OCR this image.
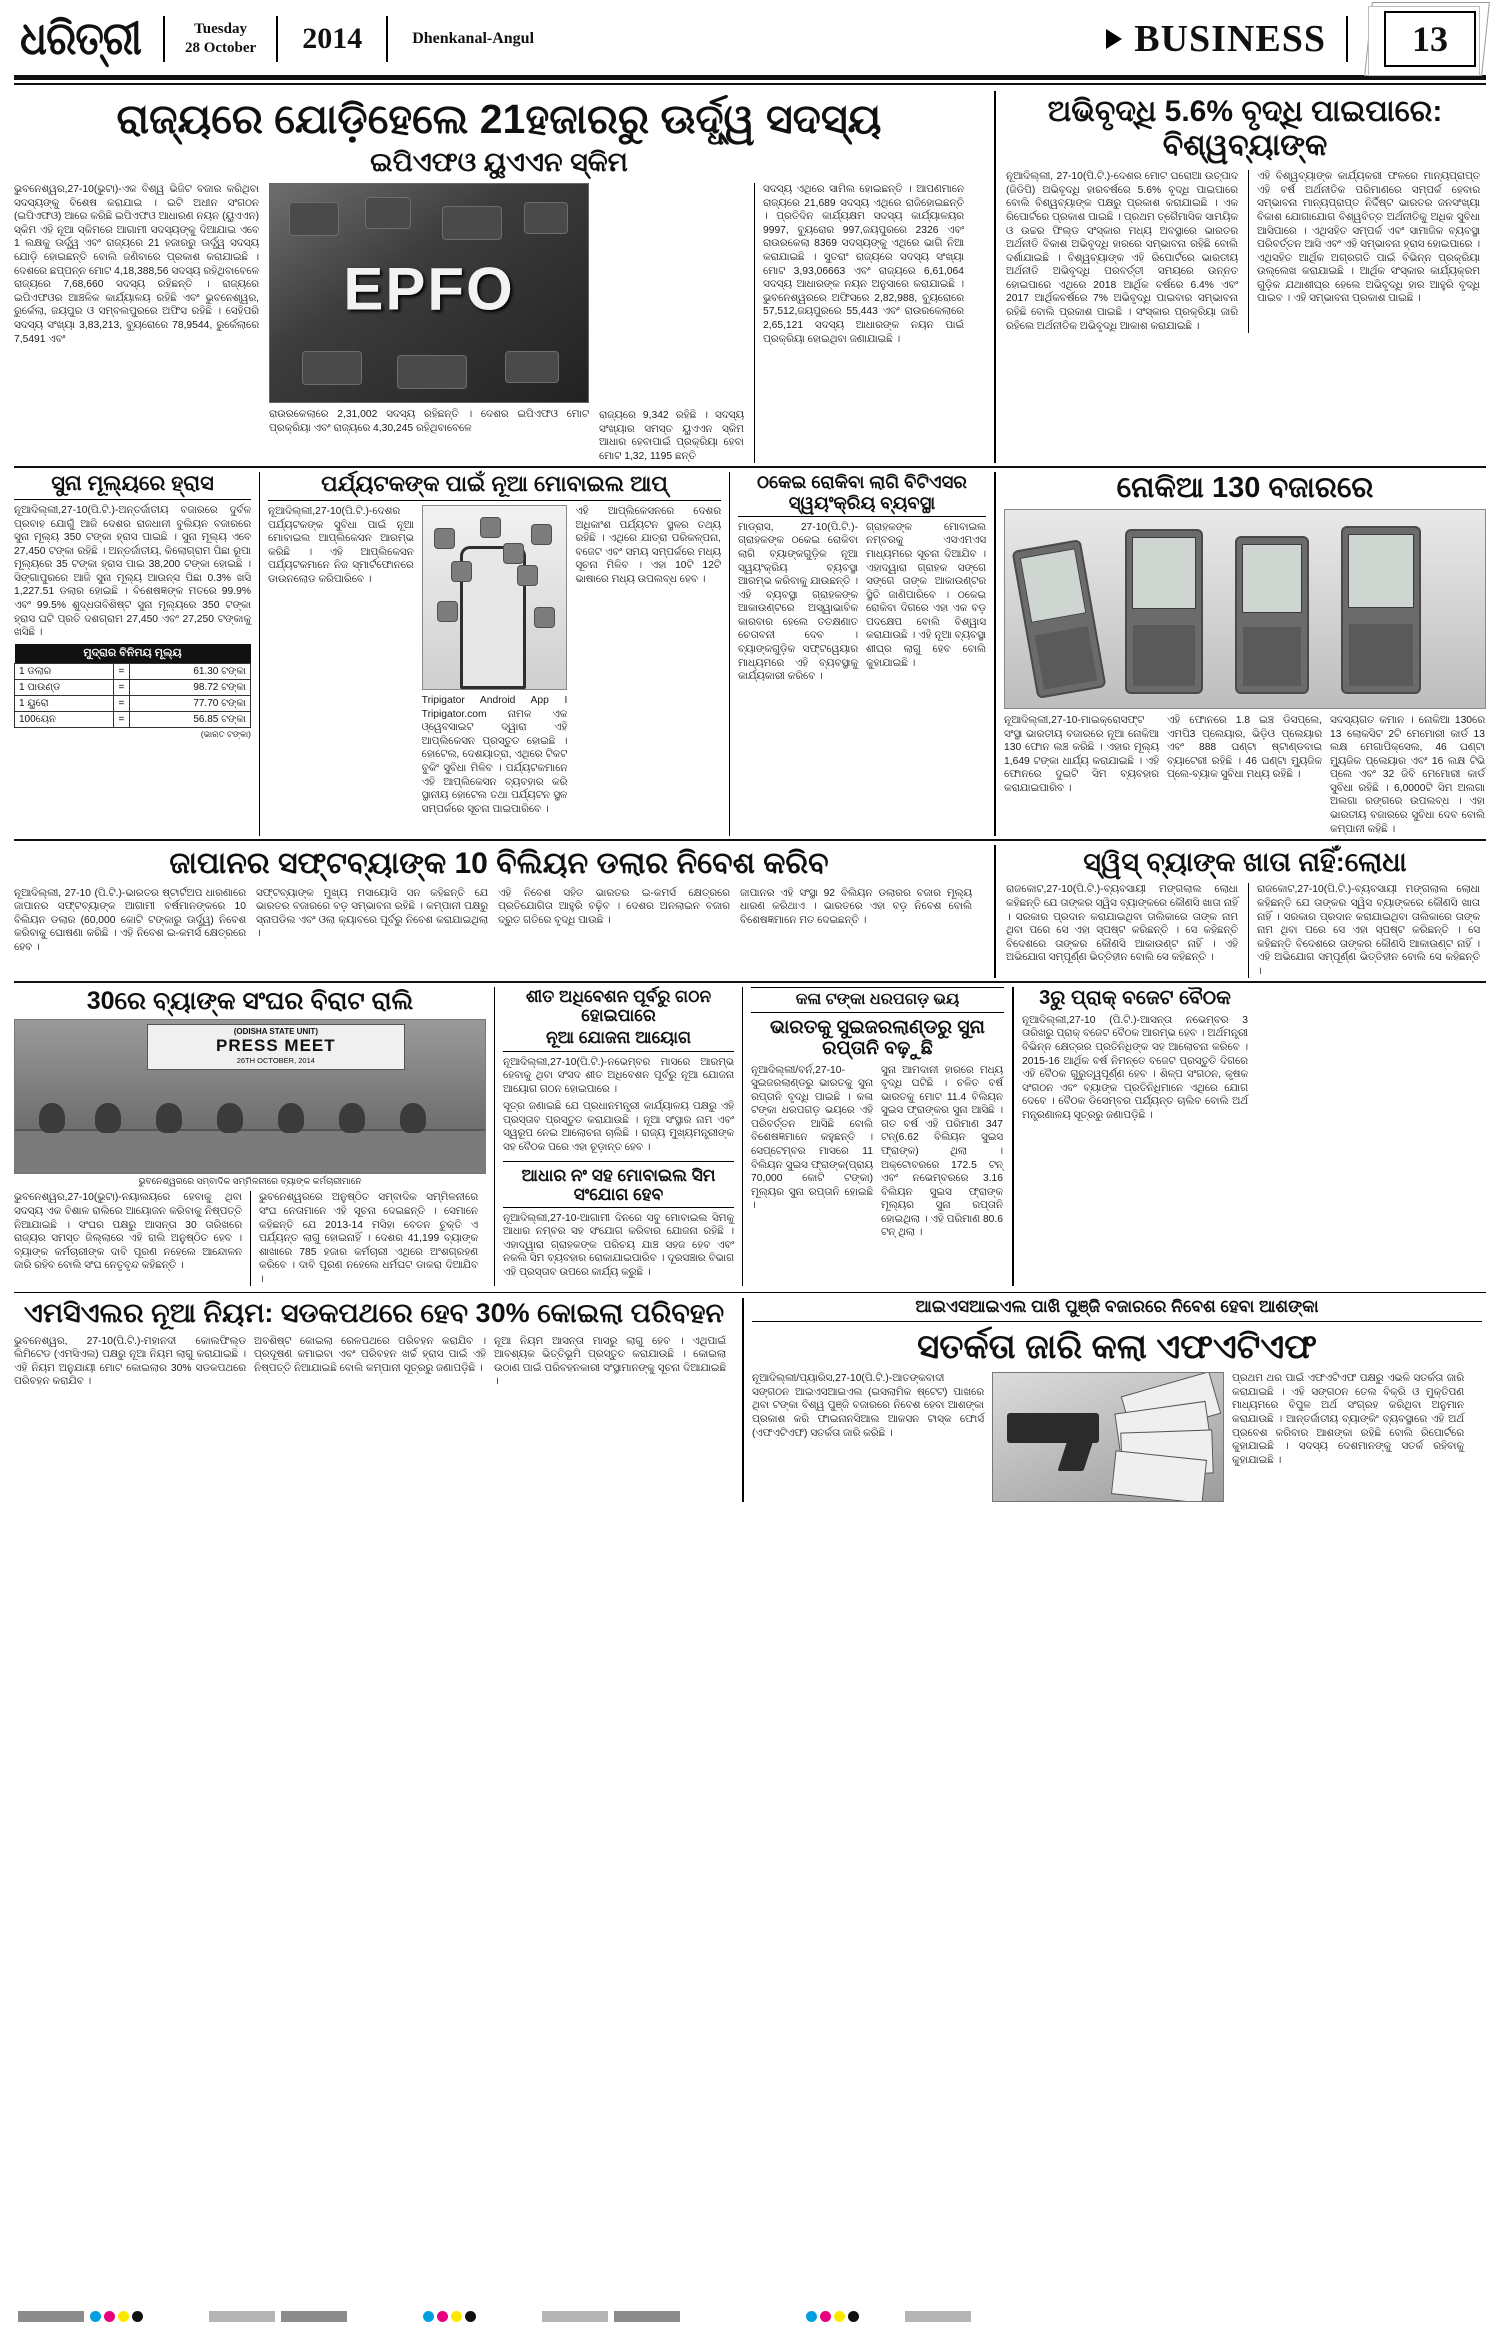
ଧରିତ୍ରୀ	Tuesday
28 October	2014	Dhenkanal-Angul	BUSINESS	13
ରାଜ୍ୟରେ ଯୋଡ଼ିହେଲେ 21ହଜାରରୁ ଊର୍ଦ୍ଧ୍ୱ ସଦସ୍ୟ
ଇପିଏଫଓ ୟୁଏଏନ ସ୍କିମ
ଭୁବନେଶ୍ୱର,27-10(ଭୁଟା)-ଏକ ବିଶ୍ୱ ଭିଜିଟ ବଜାର କରିଥିବା ସଦସ୍ୟଙ୍କୁ ବିଶେଷ କରାଯାଇ । ଇଟି ଅଧୀନ ସଂଗଠନ (ଇପିଏଫଓ) ଆରେ କରିଛି ଇପିଏଫଓ ଆଧାରଣ ନୟନ (ୟୁଏଏନ) ସ୍କିମ ଏହି ନୂଆ ସ୍କିମରେ ଆଗାମୀ ସଦସ୍ୟଙ୍କୁ ଦିଆଯାଇ ଏବେ 1 ଲକ୍ଷକୁ ଊର୍ଦ୍ଧ୍ୱ ଏବଂ ରାଜ୍ୟରେ 21 ହଜାରରୁ ଊର୍ଦ୍ଧ୍ୱ ସଦସ୍ୟ ଯୋଡ଼ି ହୋଇଛନ୍ତି ବୋଲି ଜଣିବାରେ ପ୍ରକାଶ କରାଯାଇଛି । ଦେଶରେ ଛପ୍ପନ୍ନ ମୋଟ 4,18,388,56 ସଦସ୍ୟ ରହିଥିବାବେଳେ ରାଜ୍ୟରେ 7,68,660 ସଦସ୍ୟ ରହିଛନ୍ତି । ରାଜ୍ୟରେ ଇପିଏଫଓର ଆଞ୍ଚଳିକ କାର୍ଯ୍ୟାଳୟ ରହିଛି ଏବଂ ଭୁବନେଶ୍ୱର, ରୁର୍କେଲା, ଜୟପୁର ଓ ସମ୍ବଲପୁରରେ ଅଫିସ ରହିଛି । ସେହିପରି ସଦସ୍ୟ ସଂଖ୍ୟା 3,83,213, ବ୍ୟୁରୋରେ 78,9544, ରୁର୍କେଲାରେ 7,5491 ଏବଂ
EPFO
ରାଉରକେଲାରେ 2,31,002 ସଦସ୍ୟ ରହିଛନ୍ତି । ଦେଶର ଇପିଏଫଓ ମୋଟ ପ୍ରକ୍ରିୟା ଏବଂ ରାଜ୍ୟରେ 4,30,245 ରହିଥିବାବେଳେ
ରାଜ୍ୟରେ 9,342 ରହିଛି । ସଦସ୍ୟ ସଂଖ୍ୟାର ସମସ୍ତ ୟୁଏଏନ ସ୍କିମ ଆଧାର ହେବାପାଇଁ ପ୍ରକ୍ରିୟା ହେବା ମୋଟ 1,32, 1195 ଛନ୍ତି
ସଦସ୍ୟ ଏଥିରେ ସାମିଲ ହୋଇଛନ୍ତି । ଆପଣମାନେ ରାଜ୍ୟରେ 21,689 ସଦସ୍ୟ ଏଥିରେ ରାଜିହୋଇଛନ୍ତି । ପ୍ରତିଦିନ କାର୍ଯ୍ୟକ୍ଷମ ସଦସ୍ୟ କାର୍ଯ୍ୟାଳୟର 9997, ବ୍ୟୁରୋର 997,ଜୟପୁରରେ 2326 ଏବଂ ରାଉରକେଲା 8369 ସଦସ୍ୟଙ୍କୁ ଏଥିରେ ଭାଗି ନିଆ କରାଯାଇଛି । ସୁତରାଂ ରାଜ୍ୟରେ ସଦସ୍ୟ ସଂଖ୍ୟା ମୋଟ 3,93,06663 ଏବଂ ରାଜ୍ୟରେ 6,61,064 ସଦସ୍ୟ ଆଧାରଙ୍କ ନୟନ ଅନୁସାରେ କରାଯାଇଛି । ଭୁବନେଶ୍ୱରରେ ଅଫିସରେ 2,82,988, ବ୍ୟୁରୋରେ 57,512,ଜୟପୁରରେ 55,443 ଏବଂ ରାଉରକେଲାରେ 2,65,121 ସଦସ୍ୟ ଆଧାରଙ୍କ ନୟନ ପାଇଁ ପ୍ରକ୍ରିୟା ହୋଇଥିବା ଜଣାଯାଇଛି ।
ଅଭିବୃଦ୍ଧି 5.6% ବୃଦ୍ଧି ପାଇପାରେ: ବିଶ୍ୱବ୍ୟାଙ୍କ
ନୂଆଦିଲ୍ଲୀ, 27-10(ପି.ଟି.)-ଦେଶର ମୋଟ ଘରୋଆ ଉତ୍ପାଦ (ଜିଡିପି) ଅଭିବୃଦ୍ଧି ହାରବର୍ଷରେ 5.6% ବୃଦ୍ଧି ପାଇପାରେ ବୋଲି ବିଶ୍ୱବ୍ୟାଙ୍କ ପକ୍ଷରୁ ପ୍ରକାଶ କରାଯାଇଛି । ଏକ ରିପୋର୍ଟରେ ପ୍ରକାଶ ପାଇଛି । ପ୍ରଥମ ତ୍ରୈମାସିକ ସାମୟିକ ଓ ଉଚ୍ଚର ଫିଲ୍ଡ ସଂସ୍କାର ମଧ୍ୟ ଅବସ୍ଥାରେ ଭାରତର ଅର୍ଥନୀତି ବିକାଶ ଅଭିବୃଦ୍ଧି ହାରରେ ସମ୍ଭାବନା ରହିଛି ବୋଲି ଦର୍ଶାଯାଇଛି । ବିଶ୍ୱବ୍ୟାଙ୍କ ଏହି ରିପୋର୍ଟରେ ଭାରତୀୟ ଅର୍ଥନୀତି ଅଭିବୃଦ୍ଧି ପରବର୍ତ୍ତୀ ସମୟରେ ଉନ୍ନତ ହୋଇପାରେ ଏଥିରେ 2018 ଆର୍ଥିକ ବର୍ଷରେ 6.4% ଏବଂ 2017 ଆର୍ଥିକବର୍ଷରେ 7% ଅଭିବୃଦ୍ଧି ପାଇବାର ସମ୍ଭାବନା ରହିଛି ବୋଲି ପ୍ରକାଶ ପାଇଛି । ସଂସ୍କାର ପ୍ରକ୍ରିୟା ଜାରି ରହିଲେ ଅର୍ଥନୀତିକ ଅଭିବୃଦ୍ଧି ଆକାଶ କରାଯାଇଛି ।
ଏହି ବିଶ୍ୱବ୍ୟାଙ୍କ କାର୍ଯ୍ୟକରୀ ଫଳରେ ମାନ୍ୟପ୍ରାପ୍ତ ଏହି ବର୍ଷ ଅର୍ଥନୀତିକ ପରିମାଣରେ ସମ୍ପର୍କ ହେବାର ସମ୍ଭାବନା ମାନ୍ୟପ୍ରାପ୍ତ ନିର୍ଦ୍ଦିଷ୍ଟ ଭାରତର ଜନସଂଖ୍ୟା ବିକାଶ ଯୋଗାଯୋଗ ବିଶ୍ୱବିତ୍ତ ଅର୍ଥନୀତିକୁ ଅଧିକ ସୁବିଧା ଆସିପାରେ । ଏଥିସହିତ ସମ୍ପର୍କ ଏବଂ ସାମାଜିକ ବ୍ୟବସ୍ଥା ପରିବର୍ତ୍ତନ ଆସି ଏବଂ ଏହି ସମ୍ଭାବନା ହ୍ରାସ ହୋଇପାରେ । ଏଥିସହିତ ଆର୍ଥିକ ଅଗ୍ରଗତି ପାଇଁ ବିଭିନ୍ନ ପ୍ରକ୍ରିୟା ଉଲ୍ଲେଖ କରାଯାଇଛି । ଆର୍ଥିକ ସଂସ୍କାର କାର୍ଯ୍ୟକ୍ରମ ଗୁଡ଼ିକ ଯଥାଶୀଘ୍ର ହେଲେ ଅଭିବୃଦ୍ଧି ହାର ଆହୁରି ବୃଦ୍ଧି ପାଇବ । ଏହି ସମ୍ଭାବନା ପ୍ରକାଶ ପାଇଛି ।
ସୁନା ମୂଲ୍ୟରେ ହ୍ରାସ
ନୂଆଦିଲ୍ଲୀ,27-10(ପି.ଟି.)-ଅନ୍ତର୍ଜାତୀୟ ବଜାରରେ ଦୁର୍ବଳ ପ୍ରବାହ ଯୋଗୁଁ ଆଜି ଦେଶର ରାଜଧାନୀ ବୁଲିୟନ ବଜାରରେ ସୁନା ମୂଲ୍ୟ 350 ଟଙ୍କା ହ୍ରାସ ପାଇଛି । ସୁନା ମୂଲ୍ୟ ଏବେ 27,450 ଟଙ୍କା ରହିଛି । ଅନ୍ତର୍ଜାତୀୟ, କିଲୋଗ୍ରାମ ପିଛା ରୂପା ମୂଲ୍ୟରେ 35 ଟଙ୍କା ହ୍ରାସ ପାଇ 38,200 ଟଙ୍କା ହୋଇଛି । ସିଙ୍ଗାପୁରରେ ଆଜି ସୁନା ମୂଲ୍ୟ ଆଉନ୍ସ ପିଛା 0.3% ଖସି 1,227.51 ଡଲାର ହୋଇଛି । ବିଶେଷଜ୍ଞଙ୍କ ମତରେ 99.9% ଏବଂ 99.5% ଶୁଦ୍ଧତାବିଶିଷ୍ଟ ସୁନା ମୂଲ୍ୟରେ 350 ଟଙ୍କା ହ୍ରାସ ଘଟି ପ୍ରତି ଦଶଗ୍ରାମ 27,450 ଏବଂ 27,250 ଟଙ୍କାକୁ ଖସିଛି ।
ମୁଦ୍ରାର ବିନିମୟ ମୂଲ୍ୟ		
1 ଡଲାର	=	61.30 ଟଙ୍କା
1 ପାଉଣ୍ଡ	=	98.72 ଟଙ୍କା
1 ୟୁରୋ	=	77.70 ଟଙ୍କା
100ୟେନ	=	56.85 ଟଙ୍କା
(ଭାରତ ଟଙ୍କା)
ପର୍ଯ୍ୟଟକଙ୍କ ପାଇଁ ନୂଆ ମୋବାଇଲ ଆପ୍
ନୂଆଦିଲ୍ଲୀ,27-10(ପି.ଟି.)-ଦେଶର ପର୍ଯ୍ୟଟକଙ୍କ ସୁବିଧା ପାଇଁ ନୂଆ ମୋବାଇଲ ଆପ୍ଲିକେସନ ଆରମ୍ଭ କରିଛି । ଏହି ଆପ୍ଲିକେସନ ପର୍ଯ୍ୟଟକମାନେ ନିଜ ସ୍ମାର୍ଟଫୋନରେ ଡାଉନଲୋଡ କରିପାରିବେ ।
Tripigator Android App I Tripigator.com ନାମକ ଏକ ଓ୍ୱେବସାଇଟ ଦ୍ୱାରା ଏହି ଆପ୍ଲିକେସନ ପ୍ରସ୍ତୁତ ହୋଇଛି । ହୋଟେଲ, ଦେଶୟାତ୍ରା, ଏଥିରେ ଟିକଟ ବୁକିଂ ସୁବିଧା ମିଳିବ । ପର୍ଯ୍ୟଟକମାନେ ଏହି ଆପ୍ଲିକେସନ ବ୍ୟବହାର କରି ସ୍ଥାନୀୟ ହୋଟେଲ ତଥା ପର୍ଯ୍ୟଟନ ସ୍ଥଳ ସମ୍ପର୍କରେ ସୂଚନା ପାଇପାରିବେ ।
ଏହି ଆପ୍ଲିକେସନରେ ଦେଶର ଅଧିକାଂଶ ପର୍ଯ୍ୟଟନ ସ୍ଥଳର ତଥ୍ୟ ରହିଛି । ଏଥିରେ ଯାତ୍ରା ପରିକଳ୍ପନା, ବଜେଟ ଏବଂ ସମୟ ସମ୍ପର୍କରେ ମଧ୍ୟ ସୂଚନା ମିଳିବ । ଏହା 10ଟି 12ଟି ଭାଷାରେ ମଧ୍ୟ ଉପଲବ୍ଧ ହେବ ।
ଠକେଇ ରୋକିବା ଲାଗି ବିଟିଏସର ସ୍ୱୟଂକ୍ରିୟ ବ୍ୟବସ୍ଥା
ମାଡ୍ରାସ, 27-10(ପି.ଟି.)-ଗ୍ରାହକଙ୍କ ଠକେଇ ରୋକିବା ଲାଗି ବ୍ୟାଙ୍କଗୁଡ଼ିକ ନୂଆ ସ୍ୱୟଂକ୍ରିୟ ବ୍ୟବସ୍ଥା ଆରମ୍ଭ କରିବାକୁ ଯାଉଛନ୍ତି । ଏହି ବ୍ୟବସ୍ଥା ଗ୍ରାହକଙ୍କ ଆକାଉଣ୍ଟରେ ଅସ୍ୱାଭାବିକ କାରବାର ହେଲେ ତତକ୍ଷଣାତ ଚେତାବନୀ ଦେବ । ବ୍ୟାଙ୍କଗୁଡ଼ିକ ସଫ୍ଟୱେୟାର ମାଧ୍ୟମରେ ଏହି ବ୍ୟବସ୍ଥାକୁ କାର୍ଯ୍ୟକାରୀ କରିବେ ।
ଗ୍ରାହକଙ୍କ ମୋବାଇଲ ନମ୍ବରକୁ ଏସଏମଏସ ମାଧ୍ୟମରେ ସୂଚନା ଦିଆଯିବ । ଏହାଦ୍ୱାରା ଗ୍ରାହକ ସଙ୍ଗେ ସଙ୍ଗେ ତାଙ୍କ ଆକାଉଣ୍ଟର ସ୍ଥିତି ଜାଣିପାରିବେ । ଠକେଇ ରୋକିବା ଦିଗରେ ଏହା ଏକ ବଡ଼ ପଦକ୍ଷେପ ବୋଲି ବିଶ୍ୱାସ କରାଯାଉଛି । ଏହି ନୂଆ ବ୍ୟବସ୍ଥା ଶୀଘ୍ର ଲାଗୁ ହେବ ବୋଲି କୁହାଯାଇଛି ।
ନୋକିଆ 130 ବଜାରରେ
ନୂଆଦିଲ୍ଲୀ,27-10-ମାଇକ୍ରୋସଫ୍ଟ ସଂସ୍ଥା ଭାରତୀୟ ବଜାରରେ ନୂଆ ନୋକିଆ 130 ଫୋନ ଲଞ୍ଚ କରିଛି । ଏହାର ମୂଲ୍ୟ 1,649 ଟଙ୍କା ଧାର୍ଯ୍ୟ କରାଯାଇଛି । ଏହି ଫୋନରେ ଦୁଇଟି ସିମ ବ୍ୟବହାର କରାଯାଇପାରିବ ।
ଏହି ଫୋନରେ 1.8 ଇଞ୍ଚ ଡିସପ୍ଲେ, ଏମପି3 ପ୍ଲେୟାର, ଭିଡ଼ିଓ ପ୍ଲେୟାର ଏବଂ 888 ଘଣ୍ଟା ଷ୍ଟାଣ୍ଡବାଇ ବ୍ୟାଟେରୀ ରହିଛି । 46 ଘଣ୍ଟା ମ୍ୟୁଜିକ ପ୍ଲେ-ବ୍ୟାକ ସୁବିଧା ମଧ୍ୟ ରହିଛି ।
ସଦସ୍ୟଗତ କମାନ । ନୋକିଆ 130ରେ 13 ଲୋକସିଟ 2ଟି ମେମୋରୀ କାର୍ଡ 13 ଲକ୍ଷ ମେଗାପିକ୍ସେଲ, 46 ଘଣ୍ଟା ମ୍ୟୁଜିକ ପ୍ଲେୟାର ଏବଂ 16 ଲକ୍ଷ ଟିଭି ପ୍ଲେ ଏବଂ 32 ଜିବି ମେମୋରୀ କାର୍ଡ ସୁବିଧା ରହିଛି । 6,0000ଟି ସିମ ଅଲଗା ଅଲଗା ରଙ୍ଗରେ ଉପଲବ୍ଧ । ଏହା ଭାରତୀୟ ବଜାରରେ ସୁବିଧା ଦେବ ବୋଲି କମ୍ପାନୀ କହିଛି ।
ଜାପାନର ସଫ୍ଟବ୍ୟାଙ୍କ 10 ବିଲିୟନ ଡଲାର ନିବେଶ କରିବ
ନୂଆଦିଲ୍ଲୀ, 27-10 (ପି.ଟି.)-ଭାରତର ଷ୍ଟାର୍ଟଅପ ଧାରଣାରେ ଜାପାନର ସଫ୍ଟବ୍ୟାଙ୍କ ଆଗାମୀ ବର୍ଷମାନଙ୍କରେ 10 ବିଲିୟନ ଡଲାର (60,000 କୋଟି ଟଙ୍କାରୁ ଊର୍ଦ୍ଧ୍ୱ) ନିବେଶ କରିବାକୁ ଘୋଷଣା କରିଛି । ଏହି ନିବେଶ ଇ-କମର୍ସ କ୍ଷେତ୍ରରେ ହେବ ।
ସଫ୍ଟବ୍ୟାଙ୍କ ମୁଖ୍ୟ ମସାୟୋସି ସନ କହିଛନ୍ତି ଯେ ଭାରତର ବଜାରରେ ବଡ଼ ସମ୍ଭାବନା ରହିଛି । କମ୍ପାନୀ ପକ୍ଷରୁ ସ୍ନାପଡିଲ ଏବଂ ଓଲା କ୍ୟାବରେ ପୂର୍ବରୁ ନିବେଶ କରାଯାଇଥିଲା ।
ଏହି ନିବେଶ ସହିତ ଭାରତର ଇ-କମର୍ସ କ୍ଷେତ୍ରରେ ପ୍ରତିଯୋଗିତା ଆହୁରି ବଢ଼ିବ । ଦେଶର ଅନଲାଇନ ବଜାର ଦ୍ରୁତ ଗତିରେ ବୃଦ୍ଧି ପାଉଛି ।
ଜାପାନର ଏହି ସଂସ୍ଥା 92 ବିଲିୟନ ଡଲାରର ବଜାର ମୂଲ୍ୟ ଧାରଣ କରିଥାଏ । ଭାରତରେ ଏହା ବଡ଼ ନିବେଶ ବୋଲି ବିଶେଷଜ୍ଞମାନେ ମତ ଦେଇଛନ୍ତି ।
ସ୍ୱିସ୍ ବ୍ୟାଙ୍କ ଖାତା ନାହିଁ:ଲୋଧା
ରାଜକୋଟ,27-10(ପି.ଟି.)-ବ୍ୟବସାୟୀ ମଙ୍ଗଲାଲ ଲୋଧା କହିଛନ୍ତି ଯେ ତାଙ୍କର ସ୍ୱିସ ବ୍ୟାଙ୍କରେ କୌଣସି ଖାତା ନାହିଁ । ସରକାର ପ୍ରଦାନ କରାଯାଇଥିବା ତାଲିକାରେ ତାଙ୍କ ନାମ ଥିବା ପରେ ସେ ଏହା ସ୍ପଷ୍ଟ କରିଛନ୍ତି । ସେ କହିଛନ୍ତି ବିଦେଶରେ ତାଙ୍କର କୌଣସି ଆକାଉଣ୍ଟ ନାହିଁ । ଏହି ଅଭିଯୋଗ ସମ୍ପୂର୍ଣ୍ଣ ଭିତ୍ତିହୀନ ବୋଲି ସେ କହିଛନ୍ତି ।
ରାଜକୋଟ,27-10(ପି.ଟି.)-ବ୍ୟବସାୟୀ ମଙ୍ଗଲାଲ ଲୋଧା କହିଛନ୍ତି ଯେ ତାଙ୍କର ସ୍ୱିସ ବ୍ୟାଙ୍କରେ କୌଣସି ଖାତା ନାହିଁ । ସରକାର ପ୍ରଦାନ କରାଯାଇଥିବା ତାଲିକାରେ ତାଙ୍କ ନାମ ଥିବା ପରେ ସେ ଏହା ସ୍ପଷ୍ଟ କରିଛନ୍ତି । ସେ କହିଛନ୍ତି ବିଦେଶରେ ତାଙ୍କର କୌଣସି ଆକାଉଣ୍ଟ ନାହିଁ । ଏହି ଅଭିଯୋଗ ସମ୍ପୂର୍ଣ୍ଣ ଭିତ୍ତିହୀନ ବୋଲି ସେ କହିଛନ୍ତି ।
30ରେ ବ୍ୟାଙ୍କ ସଂଘର ବିରାଟ ରାଲି
(ODISHA STATE UNIT)
PRESS MEET
26TH OCTOBER, 2014
ଭୁବନେଶ୍ୱରରେ ସମ୍ବାଦିକ ସମ୍ମିଳନୀରେ ବ୍ୟାଙ୍କ କର୍ମଚାରୀମାନେ
ଭୁବନେଶ୍ୱର,27-10(ଭୁଟା)-ନୟାଲୟରେ ହେବାକୁ ଥିବା ସଦସ୍ୟ ଏକ ବିଶାଳ ରାଲିରେ ଆୟୋଜନ କରିବାକୁ ନିଷ୍ପତ୍ତି ନିଆଯାଇଛି । ସଂଘର ପକ୍ଷରୁ ଆସନ୍ତା 30 ତାରିଖରେ ରାଜ୍ୟର ସମସ୍ତ ଜିଲ୍ଲାରେ ଏହି ରାଲି ଅନୁଷ୍ଠିତ ହେବ । ବ୍ୟାଙ୍କ କର୍ମଚାରୀଙ୍କ ଦାବି ପୂରଣ ନହେଲେ ଆନ୍ଦୋଳନ ଜାରି ରହିବ ବୋଲି ସଂଘ ନେତୃବୃନ୍ଦ କହିଛନ୍ତି ।
ଭୁବନେଶ୍ୱରରେ ଅନୁଷ୍ଠିତ ସମ୍ବାଦିକ ସମ୍ମିଳନୀରେ ସଂଘ ନେତାମାନେ ଏହି ସୂଚନା ଦେଇଛନ୍ତି । ସେମାନେ କହିଛନ୍ତି ଯେ 2013-14 ମସିହା ବେତନ ଚୁକ୍ତି ଏ ପର୍ଯ୍ୟନ୍ତ ଲାଗୁ ହୋଇନାହିଁ । ଦେଶର 41,199 ବ୍ୟାଙ୍କ ଶାଖାରେ 785 ହଜାର କର୍ମଚାରୀ ଏଥିରେ ଅଂଶଗ୍ରହଣ କରିବେ । ଦାବି ପୂରଣ ନହେଲେ ଧର୍ମଘଟ ଡାକରା ଦିଆଯିବ ।
ଶୀତ ଅଧିବେଶନ ପୂର୍ବରୁ ଗଠନ ହୋଇପାରେ
ନୂଆ ଯୋଜନା ଆୟୋଗ
ନୂଆଦିଲ୍ଲୀ,27-10(ପି.ଟି.)-ନଭେମ୍ବର ମାସରେ ଆରମ୍ଭ ହେବାକୁ ଥିବା ସଂସଦ ଶୀତ ଅଧିବେଶନ ପୂର୍ବରୁ ନୂଆ ଯୋଜନା ଆୟୋଗ ଗଠନ ହୋଇପାରେ ।
ସୂତ୍ର ଜଣାଇଛି ଯେ ପ୍ରଧାନମନ୍ତ୍ରୀ କାର୍ଯ୍ୟାଳୟ ପକ୍ଷରୁ ଏହି ପ୍ରସ୍ତାବ ପ୍ରସ୍ତୁତ କରାଯାଉଛି । ନୂଆ ସଂସ୍ଥାର ନାମ ଏବଂ ସ୍ୱରୂପ ନେଇ ଆଲୋଚନା ଚାଲିଛି । ରାଜ୍ୟ ମୁଖ୍ୟମନ୍ତ୍ରୀଙ୍କ ସହ ବୈଠକ ପରେ ଏହା ଚୂଡ଼ାନ୍ତ ହେବ ।
ଆଧାର ନଂ ସହ ମୋବାଇଲ ସିମ ସଂଯୋଗ ହେବ
ନୂଆଦିଲ୍ଲୀ,27-10-ଆଗାମୀ ଦିନରେ ସବୁ ମୋବାଇଲ ସିମକୁ ଆଧାର ନମ୍ବର ସହ ସଂଯୋଗ କରିବାର ଯୋଜନା ରହିଛି । ଏହାଦ୍ୱାରା ଗ୍ରାହକଙ୍କ ପରିଚୟ ଯାଞ୍ଚ ସହଜ ହେବ ଏବଂ ନକଲି ସିମ ବ୍ୟବହାର ରୋକାଯାଇପାରିବ । ଦୂରସଞ୍ଚାର ବିଭାଗ ଏହି ପ୍ରସ୍ତାବ ଉପରେ କାର୍ଯ୍ୟ କରୁଛି ।
କଳା ଟଙ୍କା ଧରପଗଡ଼ ଭୟ
ଭାରତକୁ ସୁଇଜରଲାଣ୍ଡରୁ ସୁନା ରପ୍ତାନି ବଢ଼ୁଛି
ନୂଆଦିଲ୍ଲୀ/ବର୍ନ,27-10-ସୁଇଜରଲାଣ୍ଡରୁ ଭାରତକୁ ସୁନା ରପ୍ତାନି ବୃଦ୍ଧି ପାଇଛି । କଳା ଟଙ୍କା ଧରପଗଡ଼ ଭୟରେ ଏହି ପରିବର୍ତ୍ତନ ଆସିଛି ବୋଲି ବିଶେଷଜ୍ଞମାନେ କହୁଛନ୍ତି । ସେପ୍ଟେମ୍ବର ମାସରେ 11 ବିଲିୟନ ସୁଇସ ଫ୍ରାଙ୍କ(ପ୍ରାୟ 70,000 କୋଟି ଟଙ୍କା) ମୂଲ୍ୟର ସୁନା ରପ୍ତାନି ହୋଇଛି ।
ସୁନା ଆମଦାନୀ ହାରରେ ମଧ୍ୟ ବୃଦ୍ଧି ଘଟିଛି । ଚଳିତ ବର୍ଷ ଭାରତକୁ ମୋଟ 11.4 ବିଲିୟନ ସୁଇସ ଫ୍ରାଙ୍କର ସୁନା ଆସିଛି । ଗତ ବର୍ଷ ଏହି ପରିମାଣ 347 ଟନ୍(6.62 ବିଲିୟନ ସୁଇସ ଫ୍ରାଙ୍କ) ଥିଲା । ଅକ୍ଟୋବରରେ 172.5 ଟନ୍ ଏବଂ ନଭେମ୍ବରରେ 3.16 ବିଲିୟନ ସୁଇସ ଫ୍ରାଙ୍କ ମୂଲ୍ୟର ସୁନା ରପ୍ତାନି ହୋଇଥିଲା । ଏହି ପରିମାଣ 80.6 ଟନ୍ ଥିଲା ।
3ରୁ ପ୍ରାକ୍ ବଜେଟ ବୈଠକ
ନୂଆଦିଲ୍ଲୀ,27-10 (ପି.ଟି.)-ଆସନ୍ତା ନଭେମ୍ବର 3 ତାରିଖରୁ ପ୍ରାକ୍ ବଜେଟ ବୈଠକ ଆରମ୍ଭ ହେବ । ଅର୍ଥମନ୍ତ୍ରୀ ବିଭିନ୍ନ କ୍ଷେତ୍ରର ପ୍ରତିନିଧିଙ୍କ ସହ ଆଲୋଚନା କରିବେ । 2015-16 ଆର୍ଥିକ ବର୍ଷ ନିମନ୍ତେ ବଜେଟ ପ୍ରସ୍ତୁତି ଦିଗରେ ଏହି ବୈଠକ ଗୁରୁତ୍ୱପୂର୍ଣ୍ଣ ହେବ । ଶିଳ୍ପ ସଂଗଠନ, କୃଷକ ସଂଗଠନ ଏବଂ ବ୍ୟାଙ୍କ ପ୍ରତିନିଧିମାନେ ଏଥିରେ ଯୋଗ ଦେବେ । ବୈଠକ ଡିସେମ୍ବର ପର୍ଯ୍ୟନ୍ତ ଚାଲିବ ବୋଲି ଅର୍ଥ ମନ୍ତ୍ରଣାଳୟ ସୂତ୍ରରୁ ଜଣାପଡ଼ିଛି ।
ଏମସିଏଲର ନୂଆ ନିୟମ: ସଡକପଥରେ ହେବ 30% କୋଇଲା ପରିବହନ
ଭୁବନେଶ୍ୱର, 27-10(ପି.ଟି.)-ମହାନଦୀ କୋଲଫିଲ୍ଡ ଲିମିଟେଡ (ଏମସିଏଲ) ପକ୍ଷରୁ ନୂଆ ନିୟମ ଲାଗୁ କରାଯାଇଛି । ଏହି ନିୟମ ଅନୁଯାୟୀ ମୋଟ କୋଇଲାର 30% ସଡକପଥରେ ପରିବହନ କରାଯିବ ।
ଅବଶିଷ୍ଟ କୋଇଲା ରେଳପଥରେ ପରିବହନ କରାଯିବ । ପ୍ରଦୂଷଣ କମାଇବା ଏବଂ ପରିବହନ ଖର୍ଚ୍ଚ ହ୍ରାସ ପାଇଁ ଏହି ନିଷ୍ପତ୍ତି ନିଆଯାଇଛି ବୋଲି କମ୍ପାନୀ ସୂତ୍ରରୁ ଜଣାପଡ଼ିଛି ।
ନୂଆ ନିୟମ ଆସନ୍ତା ମାସରୁ ଲାଗୁ ହେବ । ଏଥିପାଇଁ ଆବଶ୍ୟକ ଭିତ୍ତିଭୂମି ପ୍ରସ୍ତୁତ କରାଯାଉଛି । କୋଇଲା ଉଠାଣ ପାଇଁ ପରିବହନକାରୀ ସଂସ୍ଥାମାନଙ୍କୁ ସୂଚନା ଦିଆଯାଇଛି ।
ଆଇଏସଆଇଏଲ ପାଖି ପୁଞ୍ଜି ବଜାରରେ ନିବେଶ ହେବା ଆଶଙ୍କା
ସତର୍କତା ଜାରି କଲା ଏଫଏଟିଏଫ
ନୂଆଦିଲ୍ଲୀ/ପ୍ୟାରିସ,27-10(ପି.ଟି.)-ଆତଙ୍କବାଦୀ ସଙ୍ଗଠନ ଆଇଏସଆଇଏଲ (ଇସଲାମିକ ଷ୍ଟେଟ) ପାଖରେ ଥିବା ଟଙ୍କା ବିଶ୍ୱ ପୁଞ୍ଜି ବଜାରରେ ନିବେଶ ହେବା ଆଶଙ୍କା ପ୍ରକାଶ କରି ଫାଇନାନସିଆଲ ଆକସନ ଟାସ୍କ ଫୋର୍ସ (ଏଫଏଟିଏଫ) ସତର୍କତା ଜାରି କରିଛି ।
ପ୍ରଥମ ଥର ପାଇଁ ଏଫଏଟିଏଫ ପକ୍ଷରୁ ଏଭଳି ସତର୍କତା ଜାରି କରାଯାଇଛି । ଏହି ସଙ୍ଗଠନ ତେଲ ବିକ୍ରି ଓ ମୁକ୍ତିପଣ ମାଧ୍ୟମରେ ବିପୁଳ ଅର୍ଥ ସଂଗ୍ରହ କରିଥିବା ଅନୁମାନ କରାଯାଉଛି । ଆନ୍ତର୍ଜାତୀୟ ବ୍ୟାଙ୍କିଂ ବ୍ୟବସ୍ଥାରେ ଏହି ଅର୍ଥ ପ୍ରବେଶ କରିବାର ଆଶଙ୍କା ରହିଛି ବୋଲି ରିପୋର୍ଟରେ କୁହାଯାଇଛି । ସଦସ୍ୟ ଦେଶମାନଙ୍କୁ ସତର୍କ ରହିବାକୁ କୁହାଯାଇଛି ।
